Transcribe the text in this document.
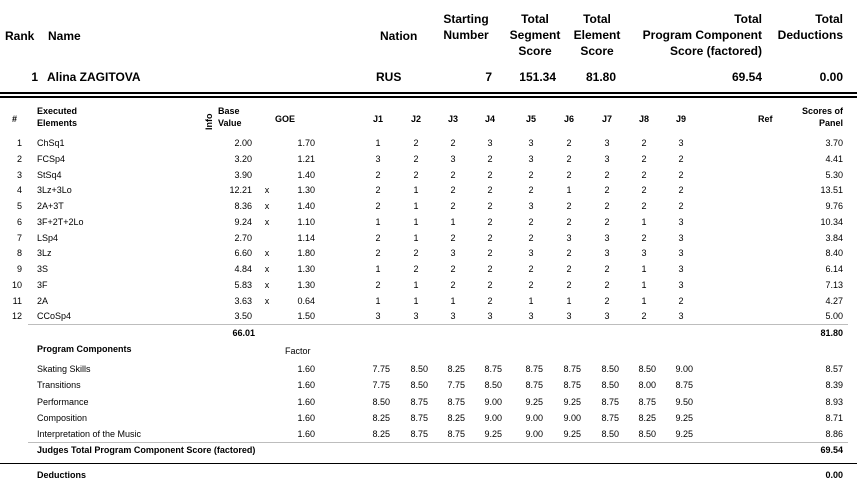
Rank Name	Nation
Starting
Number
Total
Segment
Score
Total
Element
Score
Total
Program Component
Score (factored)
Total
Deductions
1 Alina ZAGITOVA	RUS	7	151.34	81.80	69.54	0.00
#
Executed
Elements	Info
Base
Value	GOE	J1	J2	J3	J4	J5	J6	J7	J8	J9	Ref
Scores of
Panel
1 ChSq1	2.00	1.70	1	2	2	3	3	2	3	2	3	3.70
2 FCSp4	3.20	1.21	3	2	3	2	3	2	3	2	2	4.41
3 StSq4	3.90	1.40	2	2	2	2	2	2	2	2	2	5.30
4 3Lz+3Lo	12.21	x	1.30	2	1	2	2	2	1	2	2	2	13.51
5 2A+3T	8.36	x	1.40	2	1	2	2	3	2	2	2	2	9.76
6 3F+2T+2Lo	9.24	x	1.10	1	1	1	2	2	2	2	1	3	10.34
7 LSp4	2.70	1.14	2	1	2	2	2	3	3	2	3	3.84
8 3Lz	6.60	x	1.80	2	2	3	2	3	2	3	3	3	8.40
9 3S	4.84	x	1.30	1	2	2	2	2	2	2	1	3	6.14
10 3F	5.83	x	1.30	2	1	2	2	2	2	2	1	3	7.13
11 2A	3.63	x	0.64	1	1	1	2	1	1	2	1	2	4.27
12 CCoSp4	3.50	1.50	3	3	3	3	3	3	3	2	3	5.00
66.01	81.80
Program Components	Factor
Skating Skills	1.60	7.75	8.50	8.25	8.75	8.75	8.75	8.50	8.50	9.00	8.57
Transitions	1.60	7.75	8.50	7.75	8.50	8.75	8.75	8.50	8.00	8.75	8.39
Performance	1.60	8.50	8.75	8.75	9.00	9.25	9.25	8.75	8.75	9.50	8.93
Composition	1.60	8.25	8.75	8.25	9.00	9.00	9.00	8.75	8.25	9.25	8.71
Interpretation of the Music	1.60	8.25	8.75	8.75	9.25	9.00	9.25	8.50	8.50	9.25	8.86
Judges Total Program Component Score (factored)	69.54
Deductions	0.00
